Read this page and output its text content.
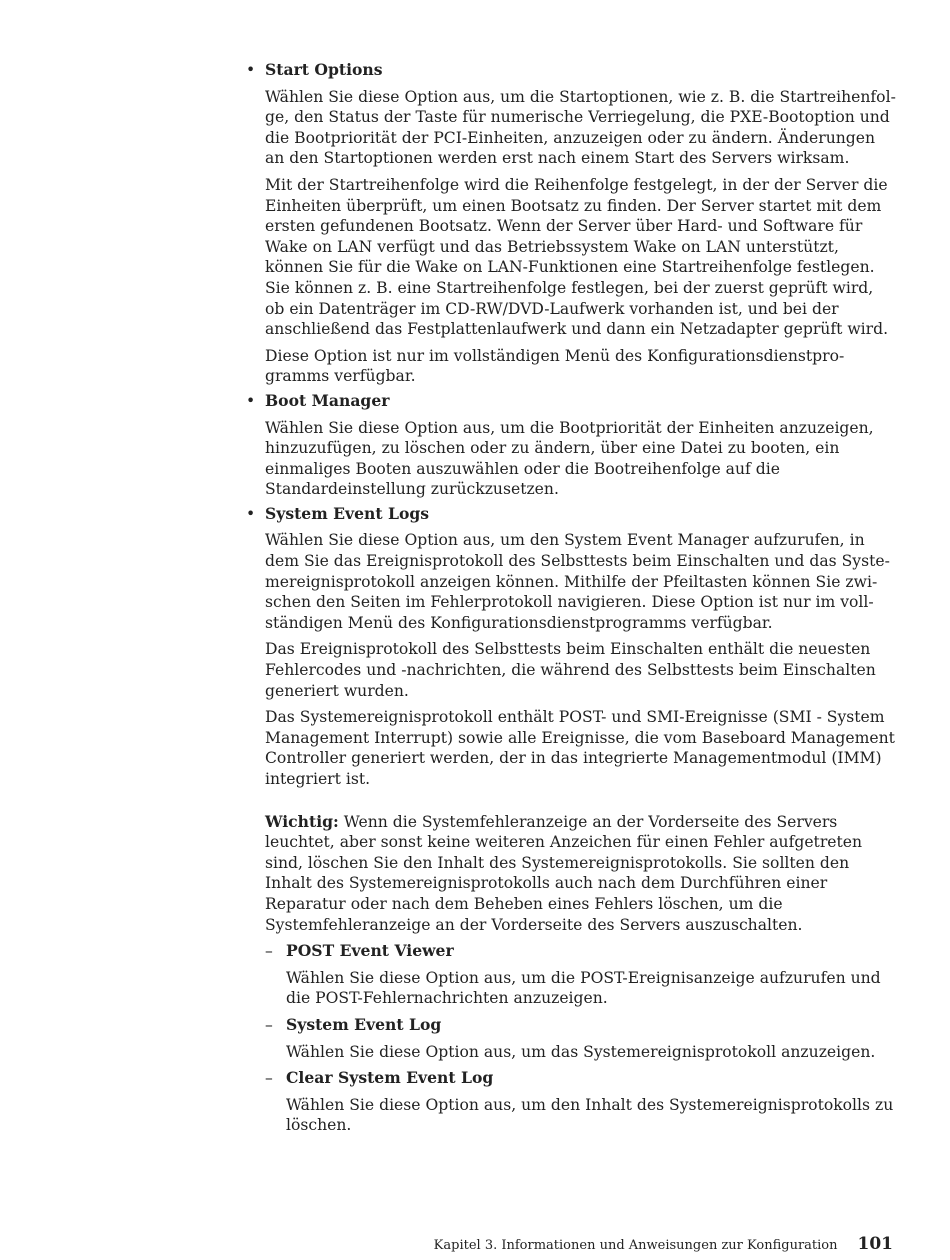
• Start Options

Wählen Sie diese Option aus, um die Startoptionen, wie z. B. die Startreihenfolge, den Status der Taste für numerische Verriegelung, die PXE-Bootoption und die Bootpriorität der PCI-Einheiten, anzuzeigen oder zu ändern. Änderungen an den Startoptionen werden erst nach einem Start des Servers wirksam.

Mit der Startreihenfolge wird die Reihenfolge festgelegt, in der der Server die Einheiten überprüft, um einen Bootsatz zu finden. Der Server startet mit dem ersten gefundenen Bootsatz. Wenn der Server über Hard- und Software für Wake on LAN verfügt und das Betriebssystem Wake on LAN unterstützt, können Sie für die Wake on LAN-Funktionen eine Startreihenfolge festlegen. Sie können z. B. eine Startreihenfolge festlegen, bei der zuerst geprüft wird, ob ein Datenträger im CD-RW/DVD-Laufwerk vorhanden ist, und bei der anschließend das Festplattenlaufwerk und dann ein Netzadapter geprüft wird.

Diese Option ist nur im vollständigen Menü des Konfigurationsdienstprogramms verfügbar.

• Boot Manager

Wählen Sie diese Option aus, um die Bootpriorität der Einheiten anzuzeigen, hinzuzufügen, zu löschen oder zu ändern, über eine Datei zu booten, ein einmaliges Booten auszuwählen oder die Bootreihenfolge auf die Standardeinstellung zurückzusetzen.

• System Event Logs

Wählen Sie diese Option aus, um den System Event Manager aufzurufen, in dem Sie das Ereignisprotokoll des Selbsttests beim Einschalten und das Systemereignisprotokoll anzeigen können. Mithilfe der Pfeiltasten können Sie zwischen den Seiten im Fehlerprotokoll navigieren. Diese Option ist nur im vollständigen Menü des Konfigurationsdienstprogramms verfügbar.

Das Ereignisprotokoll des Selbsttests beim Einschalten enthält die neuesten Fehlercodes und -nachrichten, die während des Selbsttests beim Einschalten generiert wurden.

Das Systemereignisprotokoll enthält POST- und SMI-Ereignisse (SMI - System Management Interrupt) sowie alle Ereignisse, die vom Baseboard Management Controller generiert werden, der in das integrierte Managementmodul (IMM) integriert ist.

Wichtig: Wenn die Systemfehleranzeige an der Vorderseite des Servers leuchtet, aber sonst keine weiteren Anzeichen für einen Fehler aufgetreten sind, löschen Sie den Inhalt des Systemereignisprotokolls. Sie sollten den Inhalt des Systemereignisprotokolls auch nach dem Durchführen einer Reparatur oder nach dem Beheben eines Fehlers löschen, um die Systemfehleranzeige an der Vorderseite des Servers auszuschalten.

– POST Event Viewer

Wählen Sie diese Option aus, um die POST-Ereignisanzeige aufzurufen und die POST-Fehlernachrichten anzuzeigen.

– System Event Log

Wählen Sie diese Option aus, um das Systemereignisprotokoll anzuzeigen.

– Clear System Event Log

Wählen Sie diese Option aus, um den Inhalt des Systemereignisprotokolls zu löschen.

Kapitel 3. Informationen und Anweisungen zur Konfiguration 101
